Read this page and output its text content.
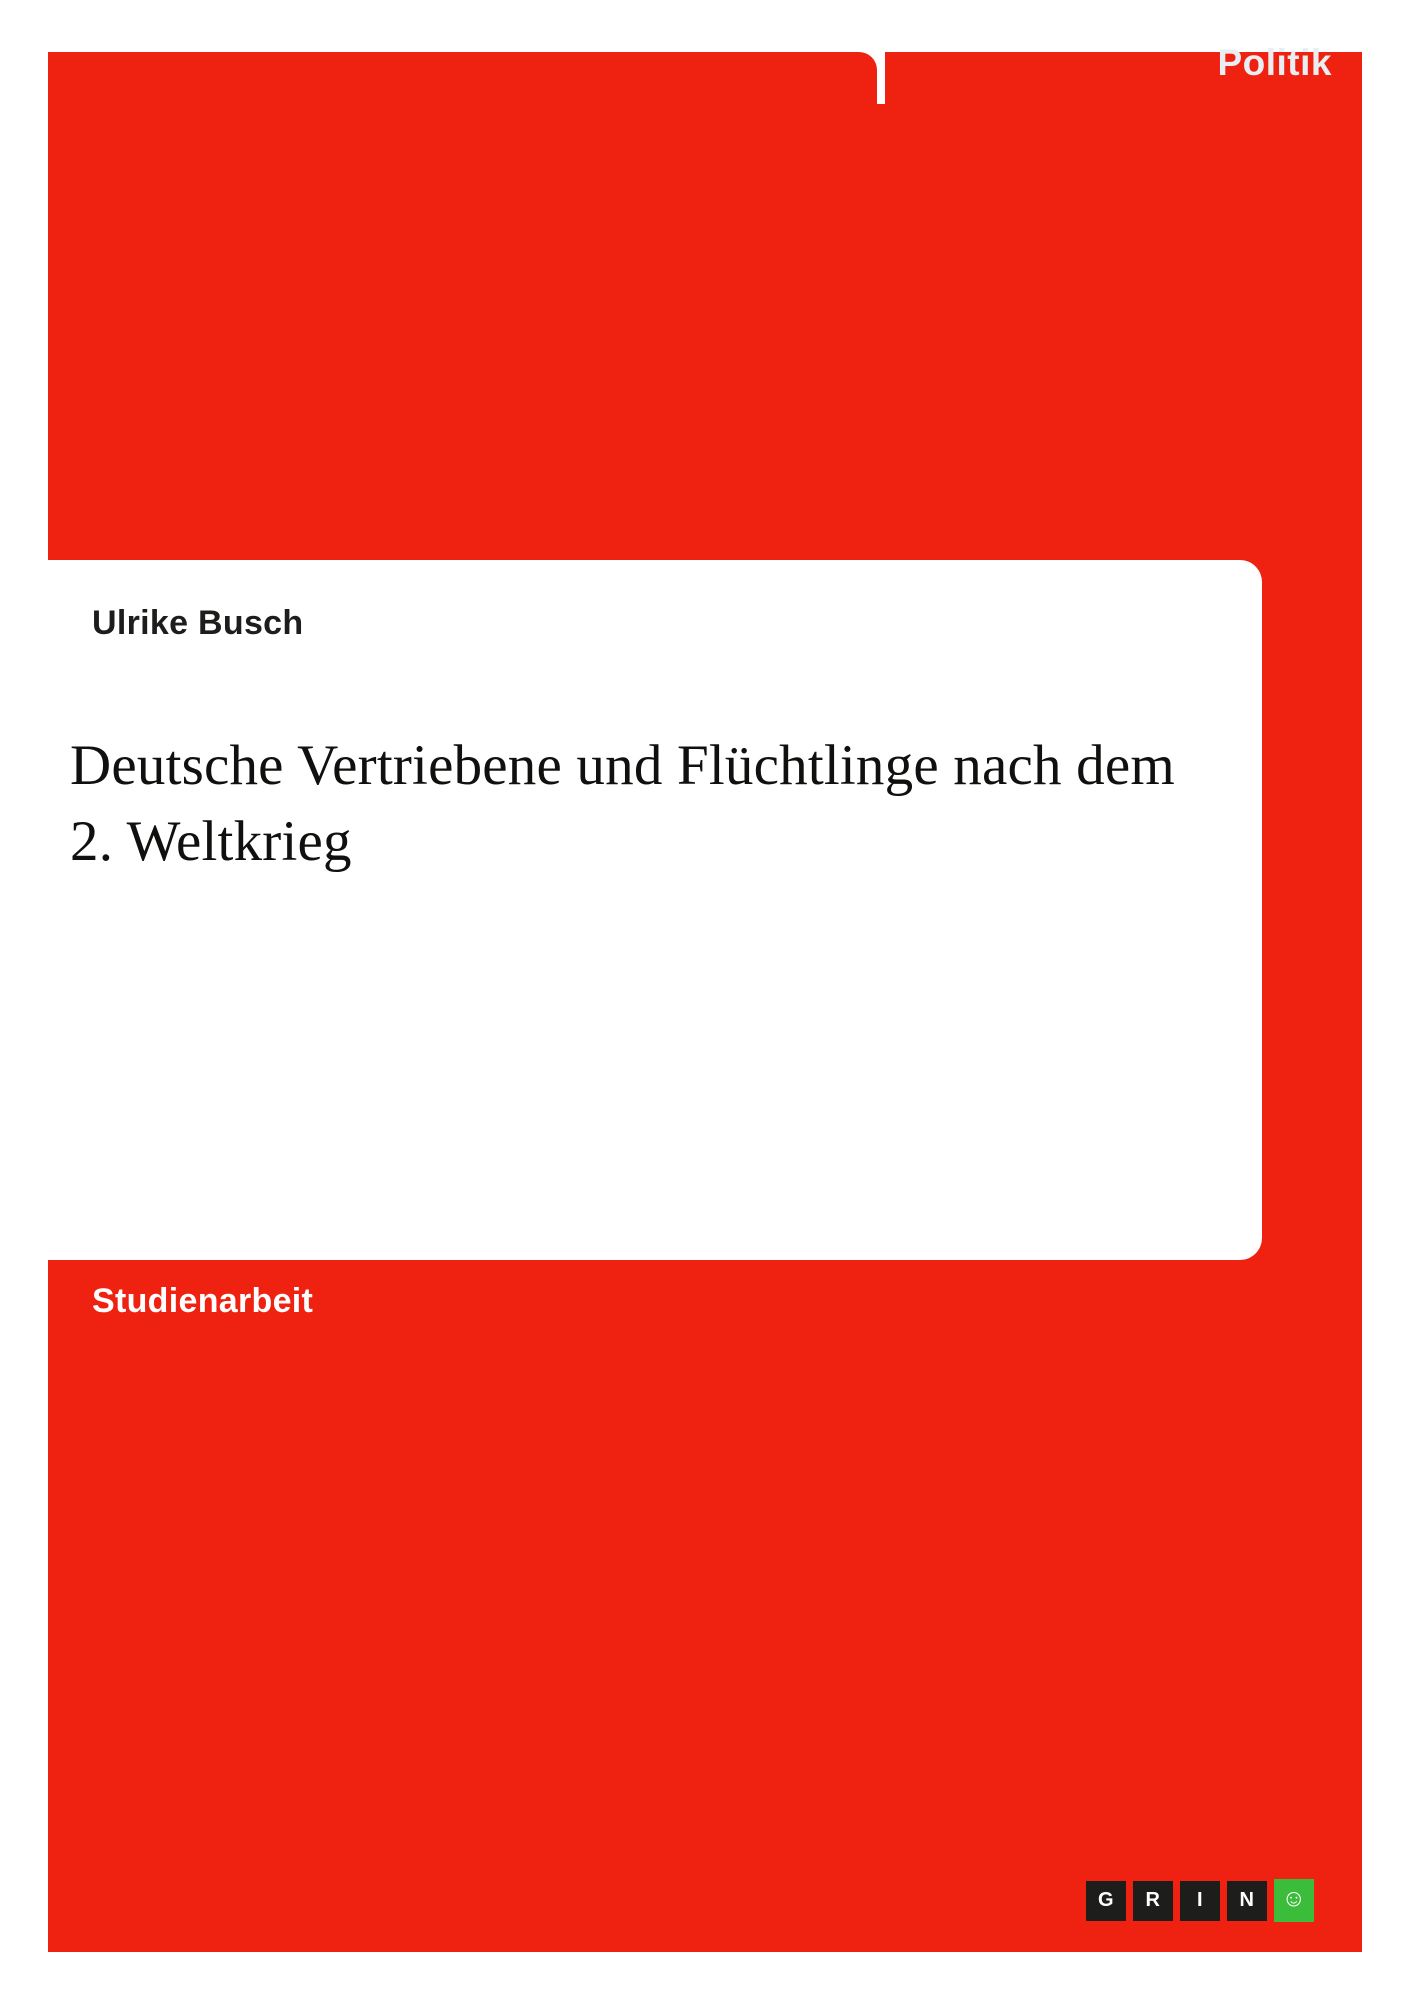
Politik
Ulrike Busch
Deutsche Vertriebene und Flüchtlinge nach dem 2. Weltkrieg
Studienarbeit
G	R	I	N	☺
